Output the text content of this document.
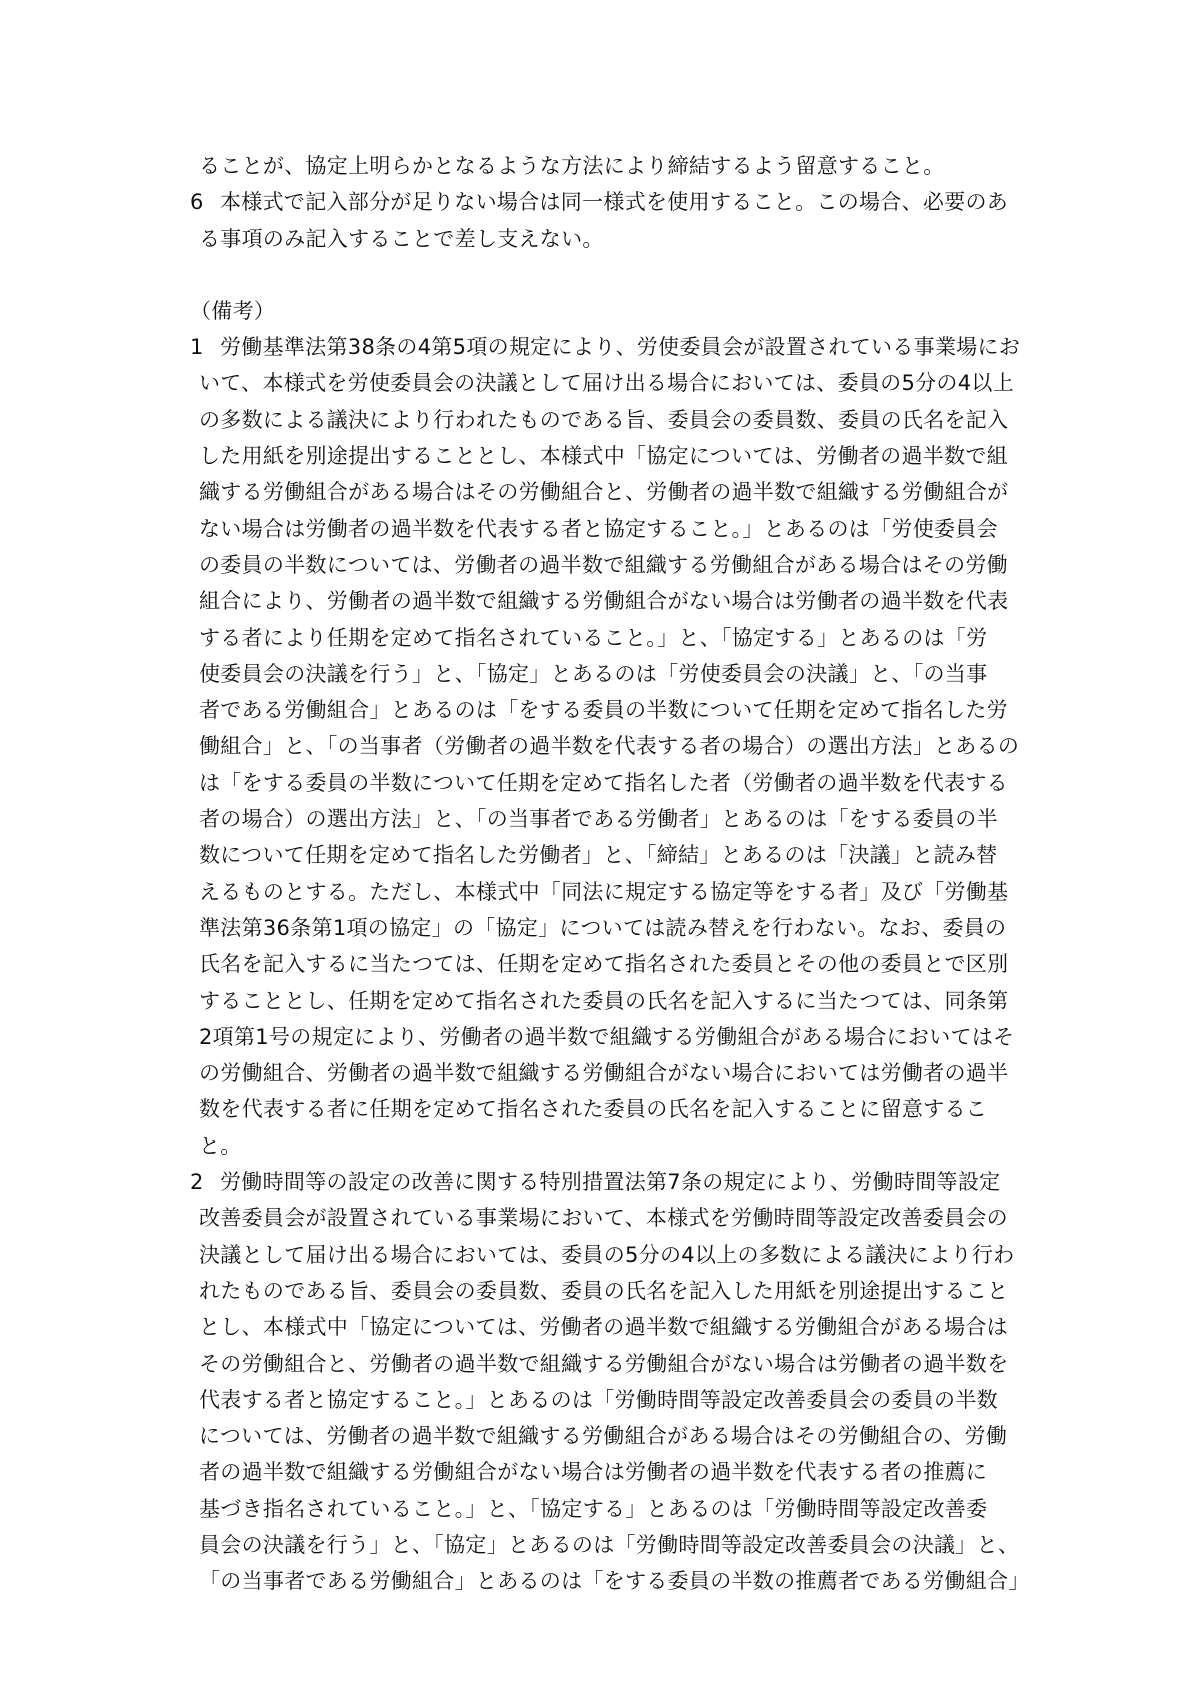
ることが、協定上明らかとなるような方法により締結するよう留意すること。
6 本様式で記入部分が足りない場合は同一様式を使用すること。この場合、必要のあ
る事項のみ記入することで差し支えない。
（備考）
1 労働基準法第38条の4第5項の規定により、労使委員会が設置されている事業場にお
いて、本様式を労使委員会の決議として届け出る場合においては、委員の5分の4以上
の多数による議決により行われたものである旨、委員会の委員数、委員の氏名を記入
した用紙を別途提出することとし、本様式中「協定については、労働者の過半数で組
織する労働組合がある場合はその労働組合と、労働者の過半数で組織する労働組合が
ない場合は労働者の過半数を代表する者と協定すること。」とあるのは「労使委員会
の委員の半数については、労働者の過半数で組織する労働組合がある場合はその労働
組合により、労働者の過半数で組織する労働組合がない場合は労働者の過半数を代表
する者により任期を定めて指名されていること。」と、「協定する」とあるのは「労
使委員会の決議を行う」と、「協定」とあるのは「労使委員会の決議」と、「の当事
者である労働組合」とあるのは「をする委員の半数について任期を定めて指名した労
働組合」と、「の当事者（労働者の過半数を代表する者の場合）の選出方法」とあるの
は「をする委員の半数について任期を定めて指名した者（労働者の過半数を代表する
者の場合）の選出方法」と、「の当事者である労働者」とあるのは「をする委員の半
数について任期を定めて指名した労働者」と、「締結」とあるのは「決議」と読み替
えるものとする。ただし、本様式中「同法に規定する協定等をする者」及び「労働基
準法第36条第1項の協定」の「協定」については読み替えを行わない。なお、委員の
氏名を記入するに当たつては、任期を定めて指名された委員とその他の委員とで区別
することとし、任期を定めて指名された委員の氏名を記入するに当たつては、同条第
2項第1号の規定により、労働者の過半数で組織する労働組合がある場合においてはそ
の労働組合、労働者の過半数で組織する労働組合がない場合においては労働者の過半
数を代表する者に任期を定めて指名された委員の氏名を記入することに留意するこ
と。
2 労働時間等の設定の改善に関する特別措置法第7条の規定により、労働時間等設定
改善委員会が設置されている事業場において、本様式を労働時間等設定改善委員会の
決議として届け出る場合においては、委員の5分の4以上の多数による議決により行わ
れたものである旨、委員会の委員数、委員の氏名を記入した用紙を別途提出すること
とし、本様式中「協定については、労働者の過半数で組織する労働組合がある場合は
その労働組合と、労働者の過半数で組織する労働組合がない場合は労働者の過半数を
代表する者と協定すること。」とあるのは「労働時間等設定改善委員会の委員の半数
については、労働者の過半数で組織する労働組合がある場合はその労働組合の、労働
者の過半数で組織する労働組合がない場合は労働者の過半数を代表する者の推薦に
基づき指名されていること。」と、「協定する」とあるのは「労働時間等設定改善委
員会の決議を行う」と、「協定」とあるのは「労働時間等設定改善委員会の決議」と、
「の当事者である労働組合」とあるのは「をする委員の半数の推薦者である労働組合」
